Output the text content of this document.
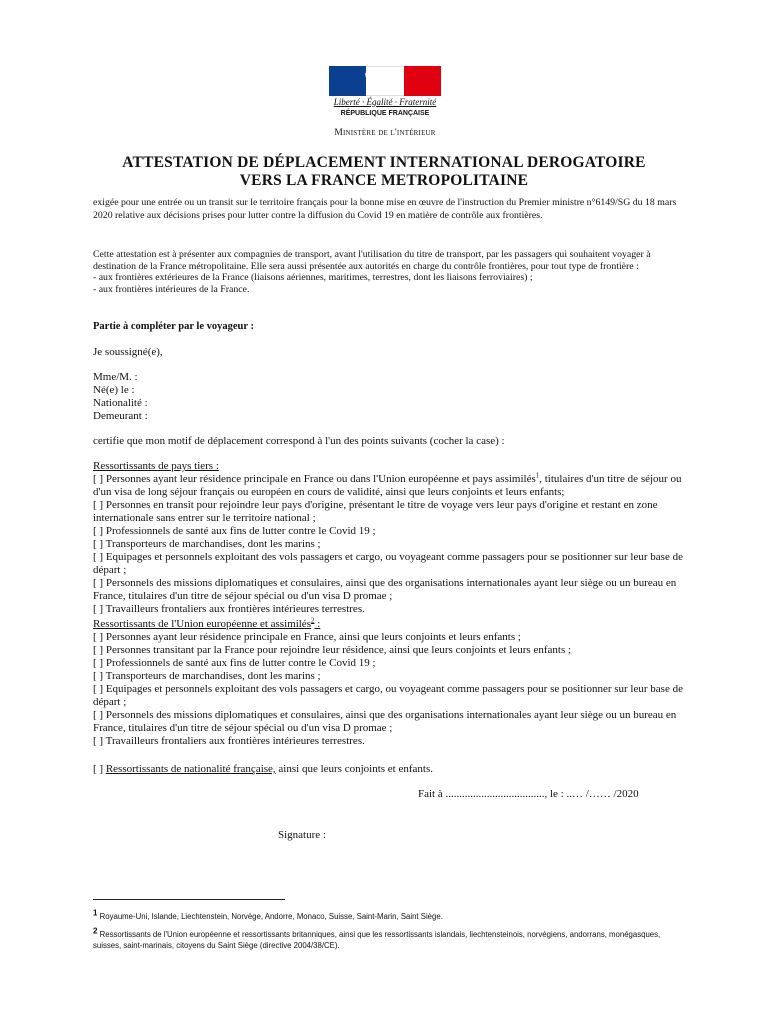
Liberté · Égalité · Fraternité
RÉPUBLIQUE FRANÇAISE
Ministère de l'intérieur
ATTESTATION DE DÉPLACEMENT INTERNATIONAL DEROGATOIRE
VERS LA FRANCE METROPOLITAINE
exigée pour une entrée ou un transit sur le territoire français pour la bonne mise en œuvre de l'instruction du Premier ministre n°6149/SG du 18 mars 2020 relative aux décisions prises pour lutter contre la diffusion du Covid 19 en matière de contrôle aux frontières.
Cette attestation est à présenter aux compagnies de transport, avant l'utilisation du titre de transport, par les passagers qui souhaitent voyager à destination de la France métropolitaine. Elle sera aussi présentée aux autorités en charge du contrôle frontières, pour tout type de frontière :
- aux frontières extérieures de la France (liaisons aériennes, maritimes, terrestres, dont les liaisons ferroviaires) ;
- aux frontières intérieures de la France.
Partie à compléter par le voyageur :
Je soussigné(e),
Mme/M. :
Né(e) le :
Nationalité :
Demeurant :
certifie que mon motif de déplacement correspond à l'un des points suivants (cocher la case) :
Ressortissants de pays tiers :
[ ] Personnes ayant leur résidence principale en France ou dans l'Union européenne et pays assimilés$^1$, titulaires d'un titre de séjour ou d'un visa de long séjour français ou européen en cours de validité, ainsi que leurs conjoints et leurs enfants;
[ ] Personnes en transit pour rejoindre leur pays d'origine, présentant le titre de voyage vers leur pays d'origine et restant en zone internationale sans entrer sur le territoire national ;
[ ] Professionnels de santé aux fins de lutter contre le Covid 19 ;
[ ] Transporteurs de marchandises, dont les marins ;
[ ] Equipages et personnels exploitant des vols passagers et cargo, ou voyageant comme passagers pour se positionner sur leur base de départ ;
[ ] Personnels des missions diplomatiques et consulaires, ainsi que des organisations internationales ayant leur siège ou un bureau en France, titulaires d'un titre de séjour spécial ou d'un visa D promae ;
[ ] Travailleurs frontaliers aux frontières intérieures terrestres.
Ressortissants de l'Union européenne et assimilés$^2$ :
[ ] Personnes ayant leur résidence principale en France, ainsi que leurs conjoints et leurs enfants ;
[ ] Personnes transitant par la France pour rejoindre leur résidence, ainsi que leurs conjoints et leurs enfants ;
[ ] Professionnels de santé aux fins de lutter contre le Covid 19 ;
[ ] Transporteurs de marchandises, dont les marins ;
[ ] Equipages et personnels exploitant des vols passagers et cargo, ou voyageant comme passagers pour se positionner sur leur base de départ ;
[ ] Personnels des missions diplomatiques et consulaires, ainsi que des organisations internationales ayant leur siège ou un bureau en France, titulaires d'un titre de séjour spécial ou d'un visa D promae ;
[ ] Travailleurs frontaliers aux frontières intérieures terrestres.
[ ] Ressortissants de nationalité française, ainsi que leurs conjoints et enfants.
Fait à ...................................., le : ..… /…… /2020
Signature :
$^1$ Royaume-Uni, Islande, Liechtenstein, Norvège, Andorre, Monaco, Suisse, Saint-Marin, Saint Siège.
$^2$ Ressortissants de l'Union européenne et ressortissants britanniques, ainsi que les ressortissants islandais, liechtensteinois, norvégiens, andorrans, monégasques, suisses, saint-marinais, citoyens du Saint Siège (directive 2004/38/CE).
